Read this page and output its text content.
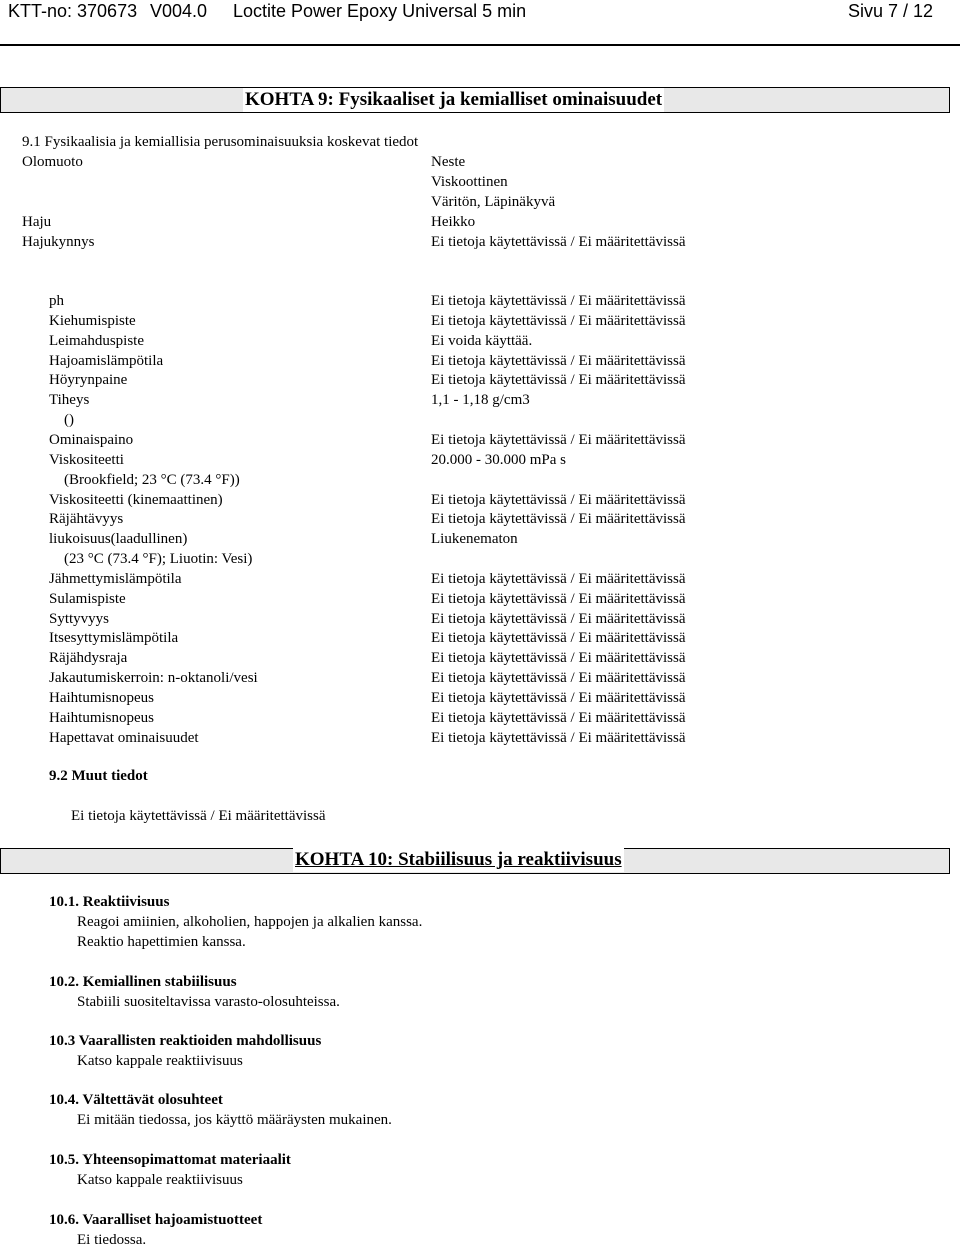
KTT-no: 370673 V004.0 Loctite Power Epoxy Universal 5 min	Sivu 7 / 12
KOHTA 9: Fysikaaliset ja kemialliset ominaisuudet
9.1 Fysikaalisia ja kemiallisia perusominaisuuksia koskevat tiedot
Olomuoto	Neste
Viskoottinen
Väritön, Läpinäkyvä
Haju	Heikko
Hajukynnys	Ei tietoja käytettävissä / Ei määritettävissä
ph	Ei tietoja käytettävissä / Ei määritettävissä
Kiehumispiste	Ei tietoja käytettävissä / Ei määritettävissä
Leimahduspiste	Ei voida käyttää.
Hajoamislämpötila	Ei tietoja käytettävissä / Ei määritettävissä
Höyrynpaine	Ei tietoja käytettävissä / Ei määritettävissä
Tiheys	1,1 - 1,18 g/cm3
()
Ominaispaino	Ei tietoja käytettävissä / Ei määritettävissä
Viskositeetti	20.000 - 30.000 mPa s
(Brookfield; 23 °C (73.4 °F))
Viskositeetti (kinemaattinen)	Ei tietoja käytettävissä / Ei määritettävissä
Räjähtävyys	Ei tietoja käytettävissä / Ei määritettävissä
liukoisuus(laadullinen)	Liukenematon
(23 °C (73.4 °F); Liuotin: Vesi)
Jähmettymislämpötila	Ei tietoja käytettävissä / Ei määritettävissä
Sulamispiste	Ei tietoja käytettävissä / Ei määritettävissä
Syttyvyys	Ei tietoja käytettävissä / Ei määritettävissä
Itsesyttymislämpötila	Ei tietoja käytettävissä / Ei määritettävissä
Räjähdysraja	Ei tietoja käytettävissä / Ei määritettävissä
Jakautumiskerroin: n-oktanoli/vesi	Ei tietoja käytettävissä / Ei määritettävissä
Haihtumisnopeus	Ei tietoja käytettävissä / Ei määritettävissä
Haihtumisnopeus	Ei tietoja käytettävissä / Ei määritettävissä
Hapettavat ominaisuudet	Ei tietoja käytettävissä / Ei määritettävissä
9.2 Muut tiedot
Ei tietoja käytettävissä / Ei määritettävissä
KOHTA 10: Stabiilisuus ja reaktiivisuus
10.1. Reaktiivisuus
Reagoi amiinien, alkoholien, happojen ja alkalien kanssa.
Reaktio hapettimien kanssa.
10.2. Kemiallinen stabiilisuus
Stabiili suositeltavissa varasto-olosuhteissa.
10.3 Vaarallisten reaktioiden mahdollisuus
Katso kappale reaktiivisuus
10.4. Vältettävät olosuhteet
Ei mitään tiedossa, jos käyttö määräysten mukainen.
10.5. Yhteensopimattomat materiaalit
Katso kappale reaktiivisuus
10.6. Vaaralliset hajoamistuotteet
Ei tiedossa.
